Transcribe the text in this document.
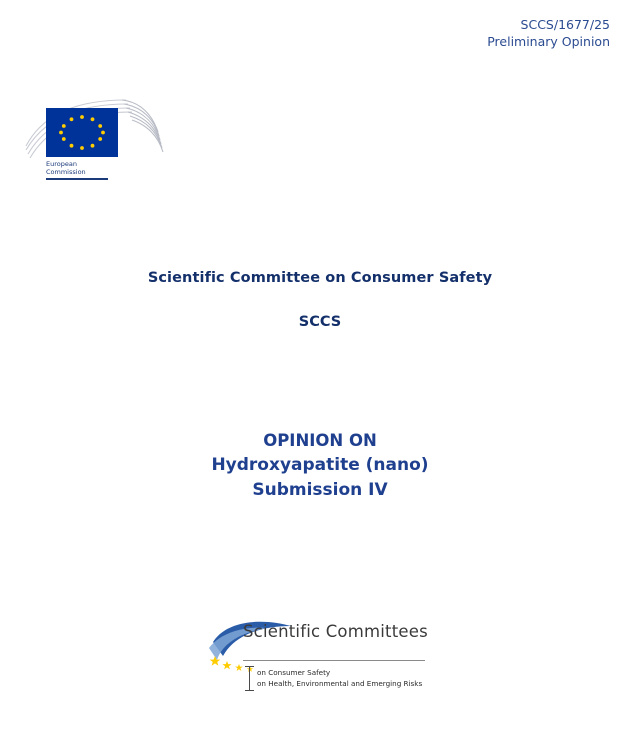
SCCS/1677/25
Preliminary Opinion
European
Commission
Scientific Committee on Consumer Safety
SCCS
OPINION ON
Hydroxyapatite (nano)
Submission IV
Scientific Committees
on Consumer Safety
on Health, Environmental and Emerging Risks
